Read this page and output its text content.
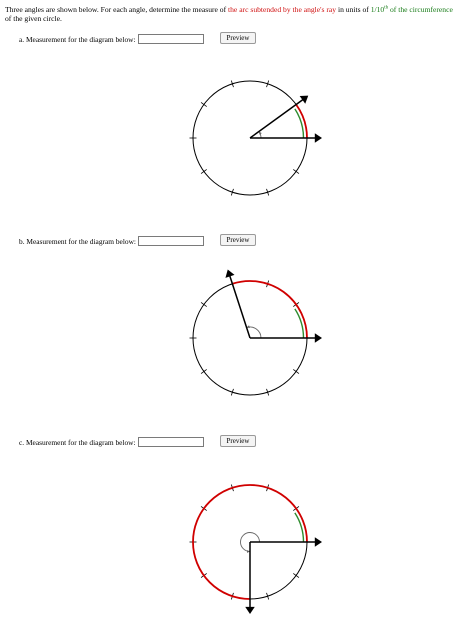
Three angles are shown below. For each angle, determine the measure of the arc subtended by the angle's ray in units of 1/10th of the circumference of the given circle.
a. Measurement for the diagram below:	Preview
b. Measurement for the diagram below:	Preview
c. Measurement for the diagram below:	Preview
